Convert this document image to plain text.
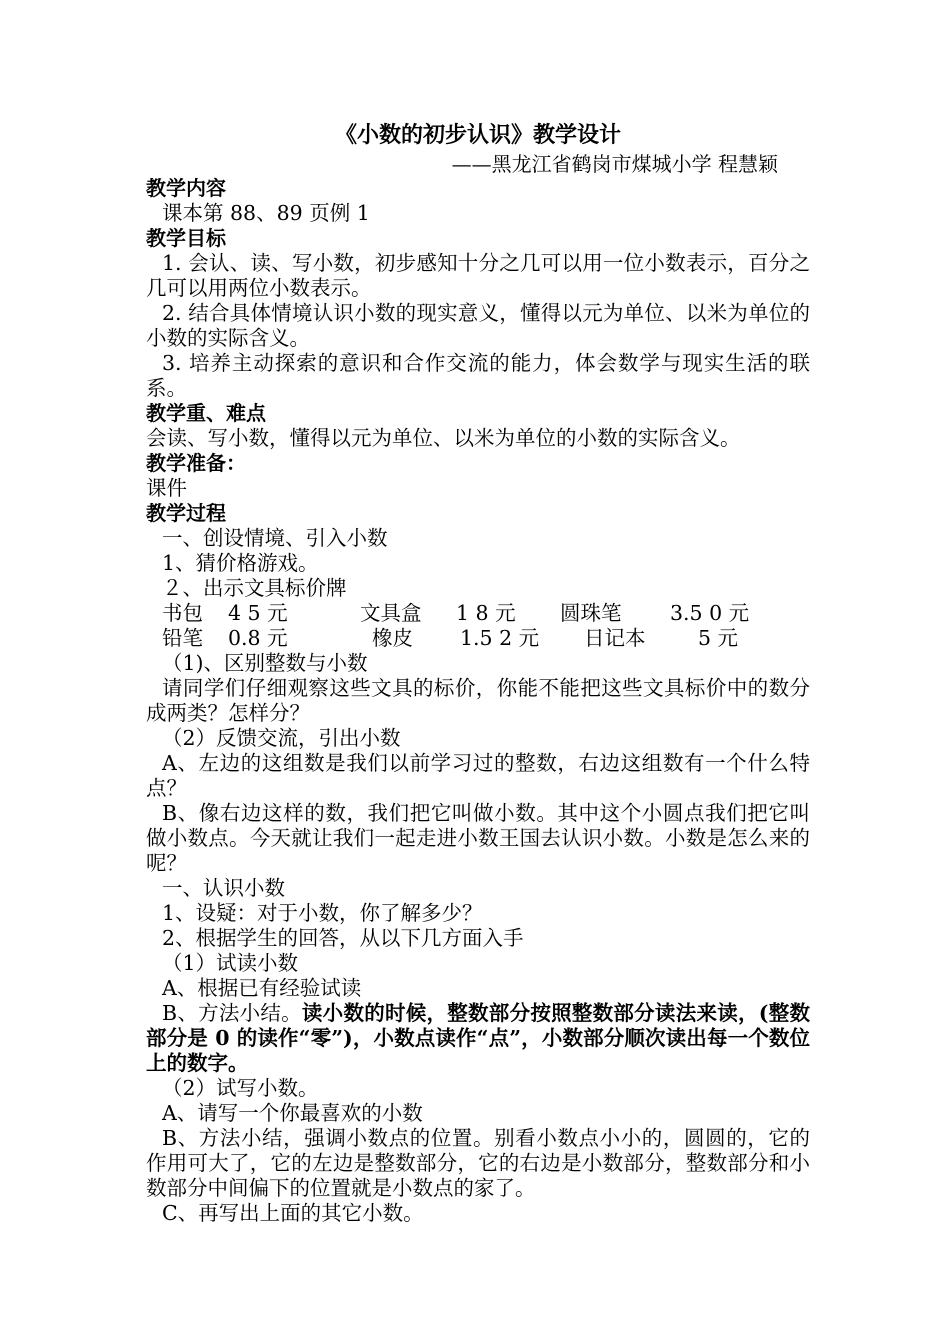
《小数的初步认识》教学设计
——黑龙江省鹤岗市煤城小学 程慧颖
教学内容
课本第 88、89 页例 1
教学目标
1. 会认、读、写小数，初步感知十分之几可以用一位小数表示，百分之几可以用两位小数表示。
2. 结合具体情境认识小数的现实意义，懂得以元为单位、以米为单位的小数的实际含义。
3. 培养主动探索的意识和合作交流的能力，体会数学与现实生活的联系。
教学重、难点
会读、写小数，懂得以元为单位、以米为单位的小数的实际含义。
教学准备：
课件
教学过程
一、创设情境、引入小数
1、猜价格游戏。
２、出示文具标价牌
书包	4 5 元	文具盒	1 8 元	圆珠笔	3.5 0 元
铅笔	0.8 元	橡皮	1.5 2 元	日记本	5 元
（1)、区别整数与小数
请同学们仔细观察这些文具的标价，你能不能把这些文具标价中的数分成两类？怎样分？
（2）反馈交流，引出小数
A、左边的这组数是我们以前学习过的整数，右边这组数有一个什么特点？
B、像右边这样的数，我们把它叫做小数。其中这个小圆点我们把它叫做小数点。今天就让我们一起走进小数王国去认识小数。小数是怎么来的呢？
一、认识小数
1、设疑：对于小数，你了解多少？
2、根据学生的回答，从以下几方面入手
（1）试读小数
A、根据已有经验试读
B、方法小结。读小数的时候，整数部分按照整数部分读法来读，(整数部分是 0 的读作“零”)，小数点读作“点”，小数部分顺次读出每一个数位上的数字。
（2）试写小数。
A、请写一个你最喜欢的小数
B、方法小结，强调小数点的位置。别看小数点小小的，圆圆的，它的作用可大了，它的左边是整数部分，它的右边是小数部分，整数部分和小数部分中间偏下的位置就是小数点的家了。
C、再写出上面的其它小数。
